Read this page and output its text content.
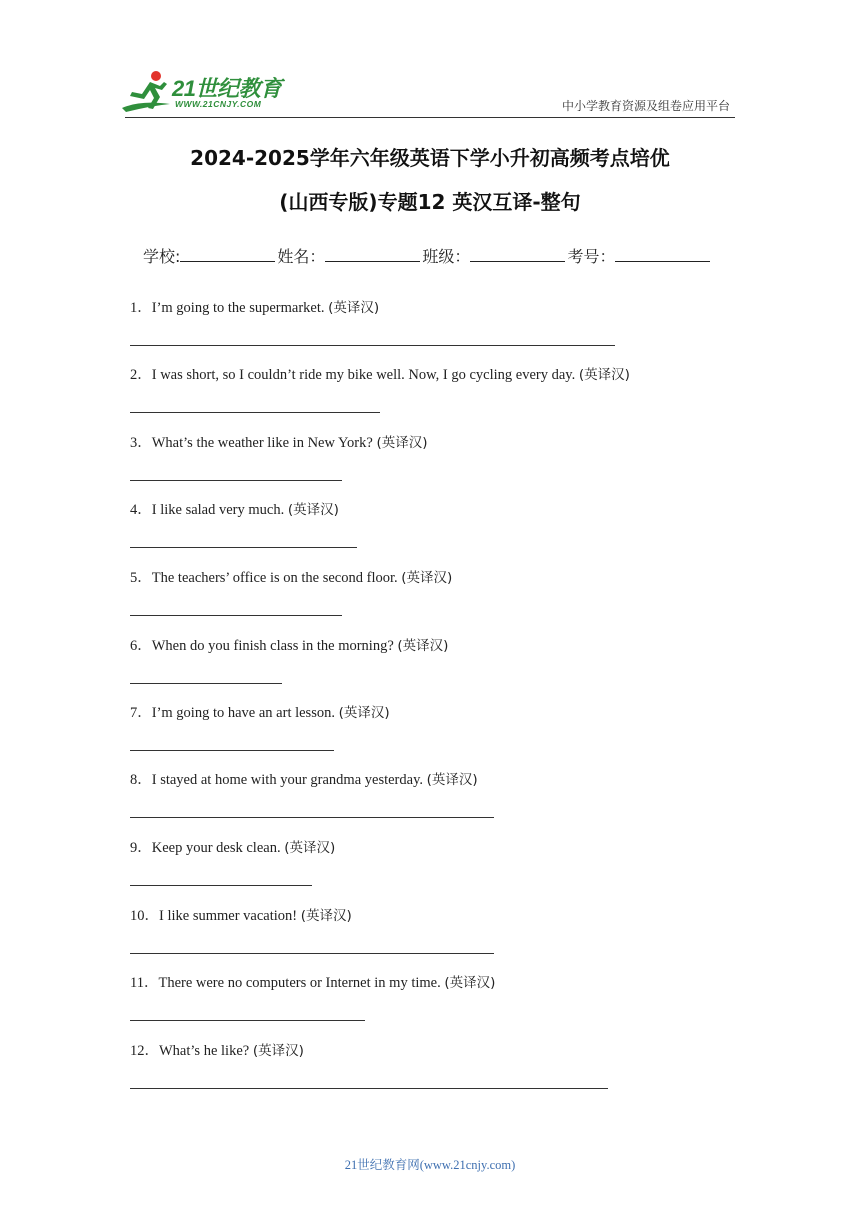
21世纪教育
WWW.21CNJY.COM	中小学教育资源及组卷应用平台
2024-2025学年六年级英语下学小升初高频考点培优
(山西专版)专题12 英汉互译-整句
学校:	姓名：	班级：	考号：
1．I’m going to the supermarket. (英译汉)
2．I was short, so I couldn’t ride my bike well. Now, I go cycling every day. (英译汉)
3．What’s the weather like in New York? (英译汉)
4．I like salad very much. (英译汉)
5．The teachers’ office is on the second floor. (英译汉)
6．When do you finish class in the morning? (英译汉)
7．I’m going to have an art lesson. (英译汉)
8．I stayed at home with your grandma yesterday. (英译汉)
9．Keep your desk clean. (英译汉)
10．I like summer vacation! (英译汉)
11．There were no computers or Internet in my time. (英译汉)
12．What’s he like? (英译汉)
21世纪教育网(www.21cnjy.com)
